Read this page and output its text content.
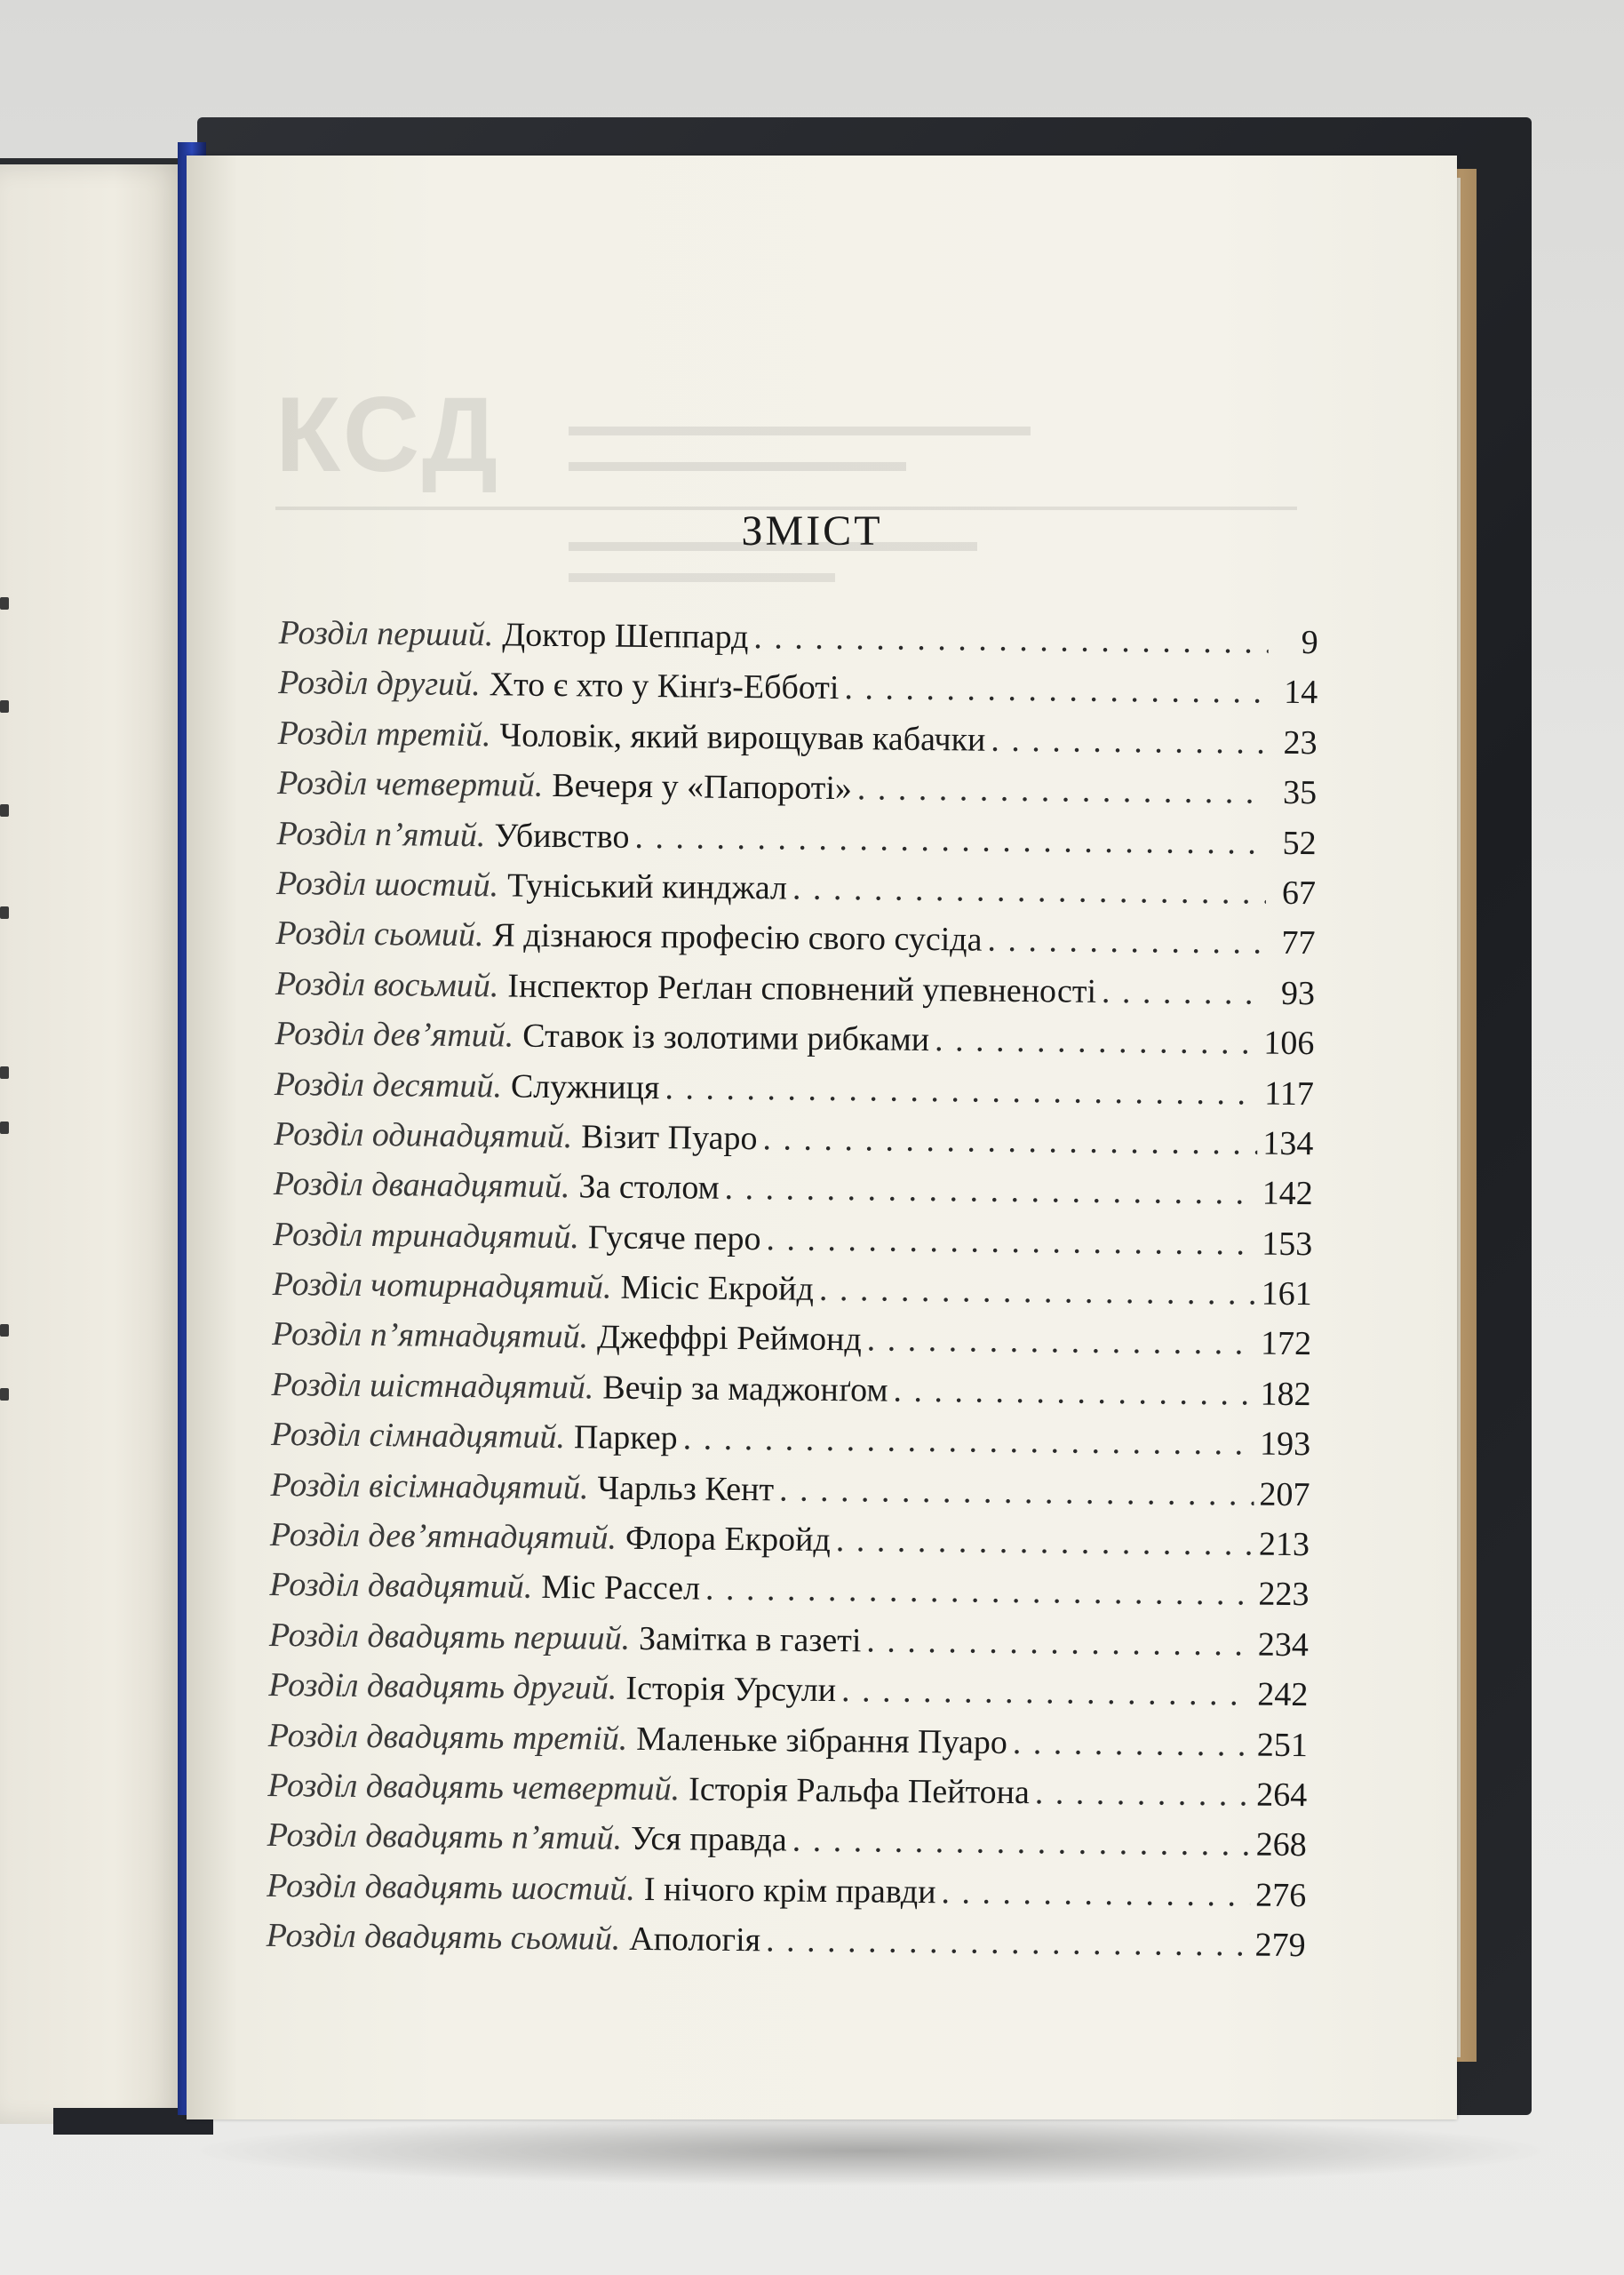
КСД
ЗМІСТ
Розділ перший . Доктор Шеппард . . .	9
Розділ другий . Хто є хто у Кінґз-Ебботі . . .	14
Розділ третій . Чоловік, який вирощував кабачки . . .	23
Розділ четвертий . Вечеря у «Папороті» . . .	35
Розділ п’ятий . Убивство . . .	52
Розділ шостий . Туніський кинджал . . .	67
Розділ сьомий . Я дізнаюся професію свого сусіда . . .	77
Розділ восьмий . Інспектор Реґлан сповнений упевненості . . .	93
Розділ дев’ятий . Ставок із золотими рибками . . .	106
Розділ десятий . Служниця . . .	117
Розділ одинадцятий . Візит Пуаро . . .	134
Розділ дванадцятий . За столом . . .	142
Розділ тринадцятий . Гусяче перо . . .	153
Розділ чотирнадцятий . Місіс Екройд . . .	161
Розділ п’ятнадцятий . Джеффрі Реймонд . . .	172
Розділ шістнадцятий . Вечір за маджонґом . . .	182
Розділ сімнадцятий . Паркер . . .	193
Розділ вісімнадцятий . Чарльз Кент . . .	207
Розділ дев’ятнадцятий . Флора Екройд . . .	213
Розділ двадцятий . Міс Рассел . . .	223
Розділ двадцять перший . Замітка в газеті . . .	234
Розділ двадцять другий . Історія Урсули . . .	242
Розділ двадцять третій . Маленьке зібрання Пуаро . . .	251
Розділ двадцять четвертий . Історія Ральфа Пейтона . . .	264
Розділ двадцять п’ятий . Уся правда . . .	268
Розділ двадцять шостий . І нічого крім правди . . .	276
Розділ двадцять сьомий . Апологія . . .	279
